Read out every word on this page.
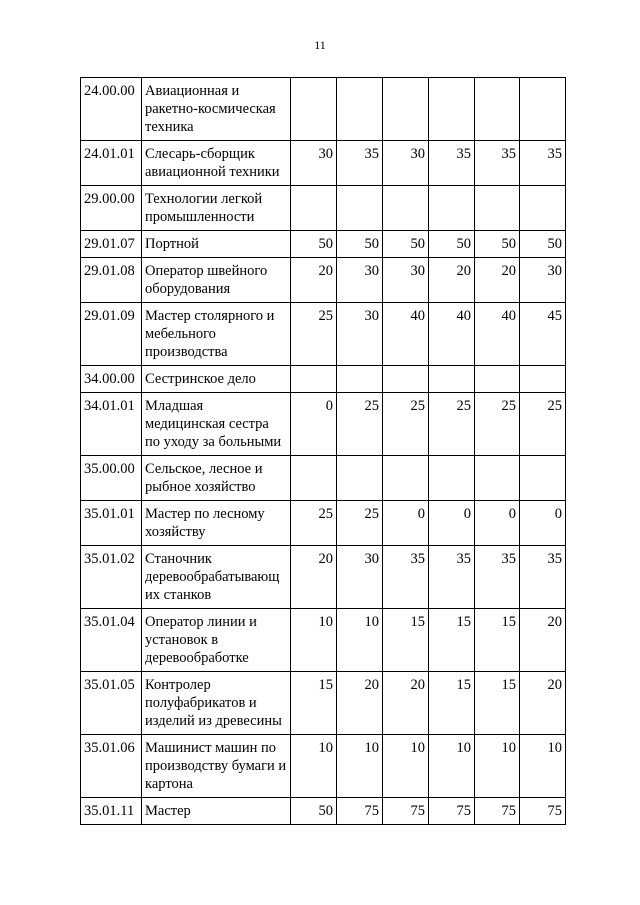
11
24.00.00	Авиационная и ракетно-космическая техника						
24.01.01	Слесарь-сборщик авиационной техники	30	35	30	35	35	35
29.00.00	Технологии легкой промышленности						
29.01.07	Портной	50	50	50	50	50	50
29.01.08	Оператор швейного оборудования	20	30	30	20	20	30
29.01.09	Мастер столярного и мебельного производства	25	30	40	40	40	45
34.00.00	Сестринское дело						
34.01.01	Младшая медицинская сестра по уходу за больными	0	25	25	25	25	25
35.00.00	Сельское, лесное и рыбное хозяйство						
35.01.01	Мастер по лесному хозяйству	25	25	0	0	0	0
35.01.02	Станочник деревообрабатывающ их станков	20	30	35	35	35	35
35.01.04	Оператор линии и установок в деревообработке	10	10	15	15	15	20
35.01.05	Контролер полуфабрикатов и изделий из древесины	15	20	20	15	15	20
35.01.06	Машинист машин по производству бумаги и картона	10	10	10	10	10	10
35.01.11	Мастер	50	75	75	75	75	75
